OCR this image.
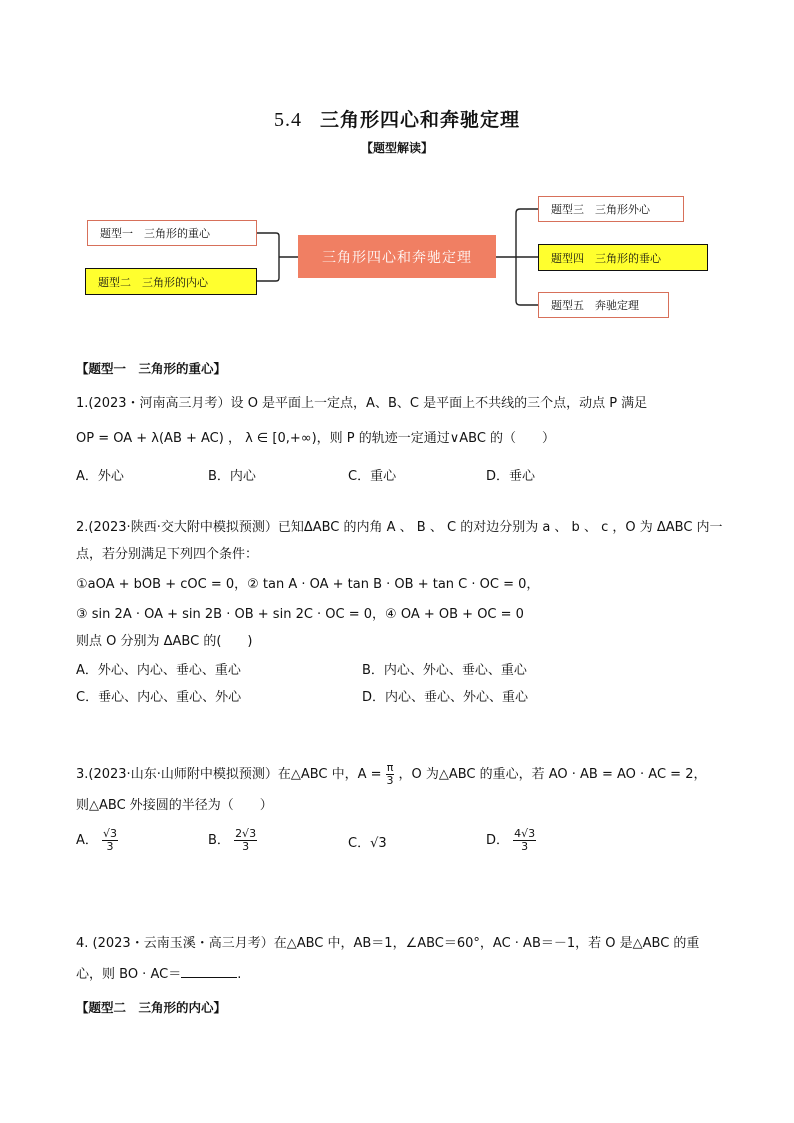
5.4 三角形四心和奔驰定理
【题型解读】
题型一　三角形的重心
题型二　三角形的内心
三角形四心和奔驰定理
题型三　三角形外心
题型四　三角形的垂心
题型五　奔驰定理
【题型一　三角形的重心】
1.(2023・河南高三月考）设 O 是平面上一定点，A、B、C 是平面上不共线的三个点，动点 P 满足
OP = OA + λ(AB + AC) ， λ ∈ [0,+∞)，则 P 的轨迹一定通过∨ABC 的（　　）
A．外心	B．内心	C．重心	D．垂心
2.(2023·陕西·交大附中模拟预测）已知ΔABC 的内角 A 、 B 、 C 的对边分别为 a 、 b 、 c ，O 为 ΔABC 内一
点，若分别满足下列四个条件：
①aOA + bOB + cOC = 0，② tan A · OA + tan B · OB + tan C · OC = 0，
③ sin 2A · OA + sin 2B · OB + sin 2C · OC = 0，④ OA + OB + OC = 0
则点 O 分别为 ΔABC 的(　　)
A．外心、内心、垂心、重心	B．内心、外心、垂心、重心
C．垂心、内心、重心、外心	D．内心、垂心、外心、重心
3.(2023·山东·山师附中模拟预测）在△ABC 中，$A = \frac{\pi}{3}$ ，O 为△ABC 的重心，若 AO · AB = AO · AC = 2，
则△ABC 外接圆的半径为（　　）
A． $\frac{√3}{3}$	B． $\frac{2√3}{3}$	C．√3	D． $\frac{4√3}{3}$
4. (2023・云南玉溪・高三月考）在△ABC 中，AB＝1，∠ABC＝60°，AC · AB＝－1，若 O 是△ABC 的重
心，则 BO · AC＝	.
【题型二　三角形的内心】
